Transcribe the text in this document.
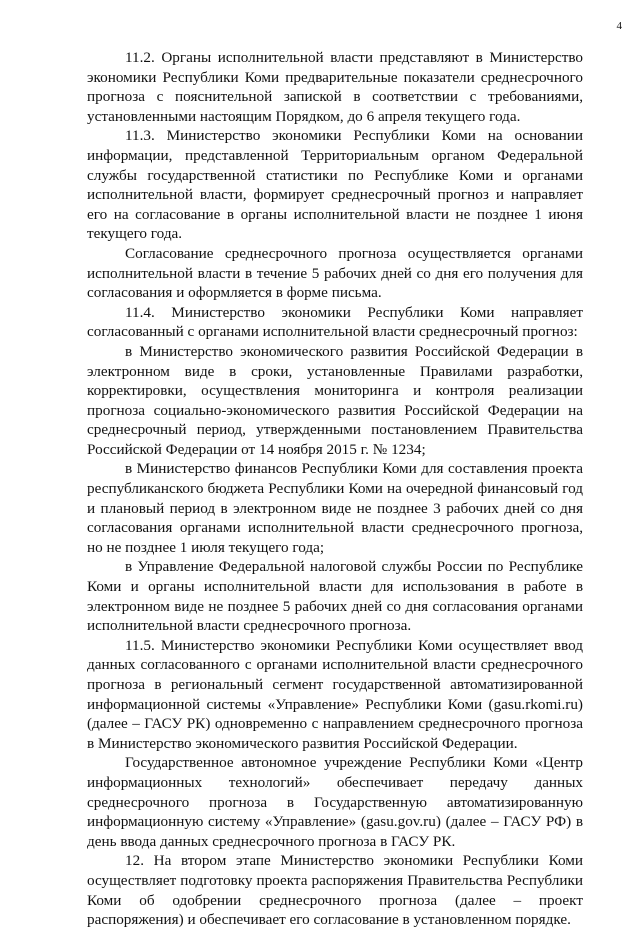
4

11.2. Органы исполнительной власти представляют в Министерство экономики Республики Коми предварительные показатели среднесрочного прогноза с пояснительной запиской в соответствии с требованиями, установленными настоящим Порядком, до 6 апреля текущего года.

11.3. Министерство экономики Республики Коми на основании информации, представленной Территориальным органом Федеральной службы государственной статистики по Республике Коми и органами исполнительной власти, формирует среднесрочный прогноз и направляет его на согласование в органы исполнительной власти не позднее 1 июня текущего года.

Согласование среднесрочного прогноза осуществляется органами исполнительной власти в течение 5 рабочих дней со дня его получения для согласования и оформляется в форме письма.

11.4. Министерство экономики Республики Коми направляет согласованный с органами исполнительной власти среднесрочный прогноз:

в Министерство экономического развития Российской Федерации в электронном виде в сроки, установленные Правилами разработки, корректировки, осуществления мониторинга и контроля реализации прогноза социально-экономического развития Российской Федерации на среднесрочный период, утвержденными постановлением Правительства Российской Федерации от 14 ноября 2015 г. № 1234;

в Министерство финансов Республики Коми для составления проекта республиканского бюджета Республики Коми на очередной финансовый год и плановый период в электронном виде не позднее 3 рабочих дней со дня согласования органами исполнительной власти среднесрочного прогноза, но не позднее 1 июля текущего года;

в Управление Федеральной налоговой службы России по Республике Коми и органы исполнительной власти для использования в работе в электронном виде не позднее 5 рабочих дней со дня согласования органами исполнительной власти среднесрочного прогноза.

11.5. Министерство экономики Республики Коми осуществляет ввод данных согласованного с органами исполнительной власти среднесрочного прогноза в региональный сегмент государственной автоматизированной информационной системы «Управление» Республики Коми (gasu.rkomi.ru) (далее – ГАСУ РК) одновременно с направлением среднесрочного прогноза в Министерство экономического развития Российской Федерации.

Государственное автономное учреждение Республики Коми «Центр информационных технологий» обеспечивает передачу данных среднесрочного прогноза в Государственную автоматизированную информационную систему «Управление» (gasu.gov.ru) (далее – ГАСУ РФ) в день ввода данных среднесрочного прогноза в ГАСУ РК.

12. На втором этапе Министерство экономики Республики Коми осуществляет подготовку проекта распоряжения Правительства Республики Коми об одобрении среднесрочного прогноза (далее – проект распоряжения) и обеспечивает его согласование в установленном порядке.
